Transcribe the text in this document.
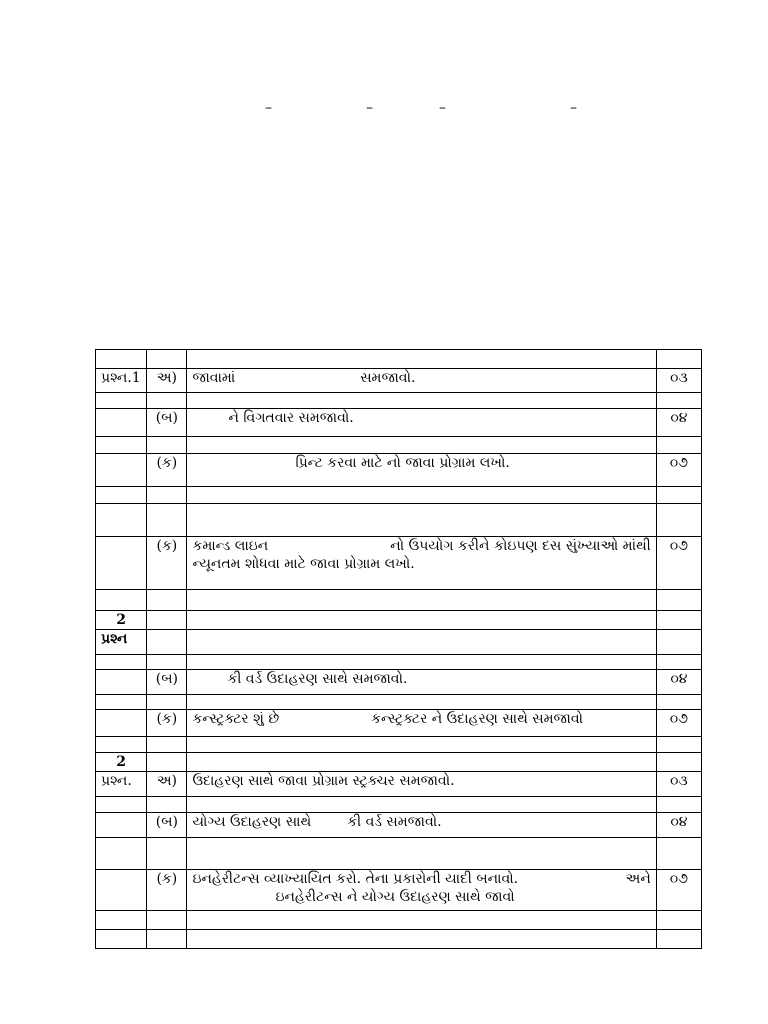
–	–	–	–

પ્રશ્ન.1	અ)	જાવામાં સમજાવો.	૦૩

	(બ)	ને વિગતવાર સમજાવો.	૦૪

	(ક)	પ્રિન્ટ કરવા માટે નો જાવા પ્રોગ્રામ લખો.	૦૭

	(ક)	કમાન્ડ લાઇન નો ઉપયોગ કરીને કોઇપણ દસ સુંખ્યાઓ માંથી
ન્યૂનતમ શોધવા માટે જાવા પ્રોગ્રામ લખો.	૦૭

2			
પ્રશ્ન			

	(બ)	કી વર્ડ ઉદાહરણ સાથે સમજાવો.	૦૪

	(ક)	કન્સ્ટ્રક્ટર શું છે કન્સ્ટ્રક્ટર ને ઉદાહરણ સાથે સમજાવો	૦૭

2			
પ્રશ્ન.	અ)	ઉદાહરણ સાથે જાવા પ્રોગ્રામ સ્ટ્રક્ચર સમજાવો.	૦૩

	(બ)	યોગ્ય ઉદાહરણ સાથે કી વર્ડ સમજાવો.	૦૪

	(ક)	ઇનહેરીટન્સ વ્યાખ્યાયિત કરો. તેના પ્રકારોની યાદી બનાવો. અને
ઇનહેરીટન્સ ને યોગ્ય ઉદાહરણ સાથે જાવો	૦૭
